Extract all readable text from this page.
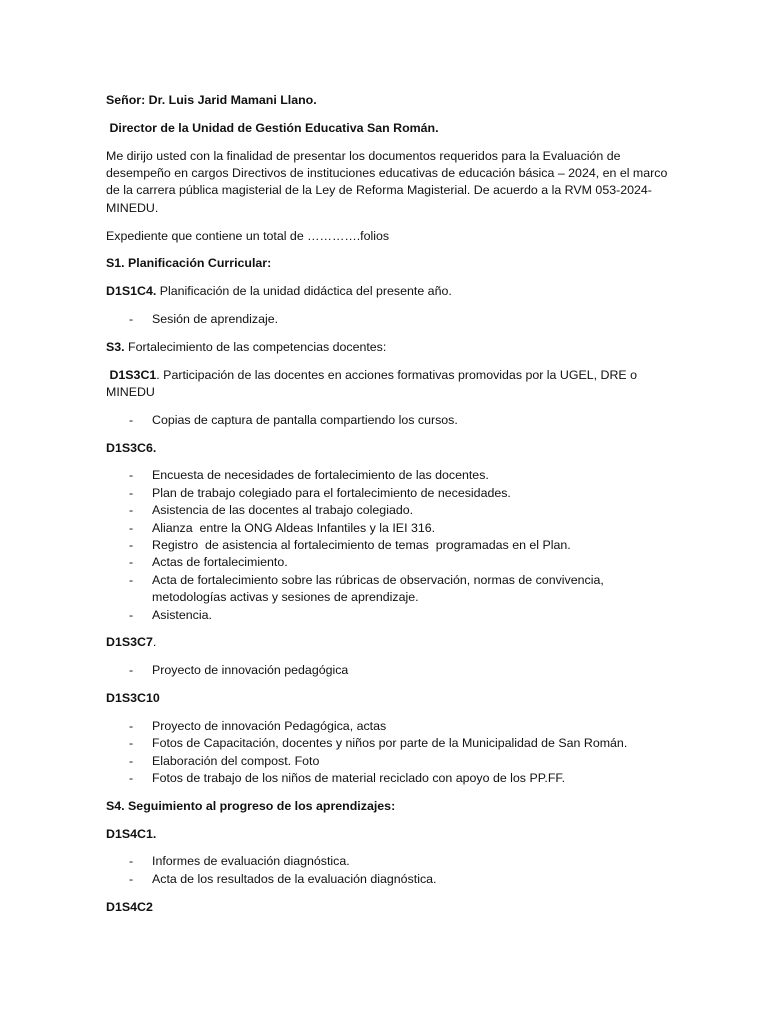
Señor: Dr. Luis Jarid Mamani Llano.

Director de la Unidad de Gestión Educativa San Román.

Me dirijo usted con la finalidad de presentar los documentos requeridos para la Evaluación de desempeño en cargos Directivos de instituciones educativas de educación básica – 2024, en el marco de la carrera pública magisterial de la Ley de Reforma Magisterial. De acuerdo a la RVM 053-2024- MINEDU.

Expediente que contiene un total de ………….folios

S1. Planificación Curricular:

D1S1C4. Planificación de la unidad didáctica del presente año.

- Sesión de aprendizaje.

S3. Fortalecimiento de las competencias docentes:

D1S3C1. Participación de las docentes en acciones formativas promovidas por la UGEL, DRE o MINEDU

- Copias de captura de pantalla compartiendo los cursos.

D1S3C6.

- Encuesta de necesidades de fortalecimiento de las docentes.
- Plan de trabajo colegiado para el fortalecimiento de necesidades.
- Asistencia de las docentes al trabajo colegiado.
- Alianza  entre la ONG Aldeas Infantiles y la IEI 316.
- Registro  de asistencia al fortalecimiento de temas  programadas en el Plan.
- Actas de fortalecimiento.
- Acta de fortalecimiento sobre las rúbricas de observación, normas de convivencia, metodologías activas y sesiones de aprendizaje.
- Asistencia.

D1S3C7.

- Proyecto de innovación pedagógica

D1S3C10

- Proyecto de innovación Pedagógica, actas
- Fotos de Capacitación, docentes y niños por parte de la Municipalidad de San Román.
- Elaboración del compost. Foto
- Fotos de trabajo de los niños de material reciclado con apoyo de los PP.FF.

S4. Seguimiento al progreso de los aprendizajes:

D1S4C1.

- Informes de evaluación diagnóstica.
- Acta de los resultados de la evaluación diagnóstica.

D1S4C2
